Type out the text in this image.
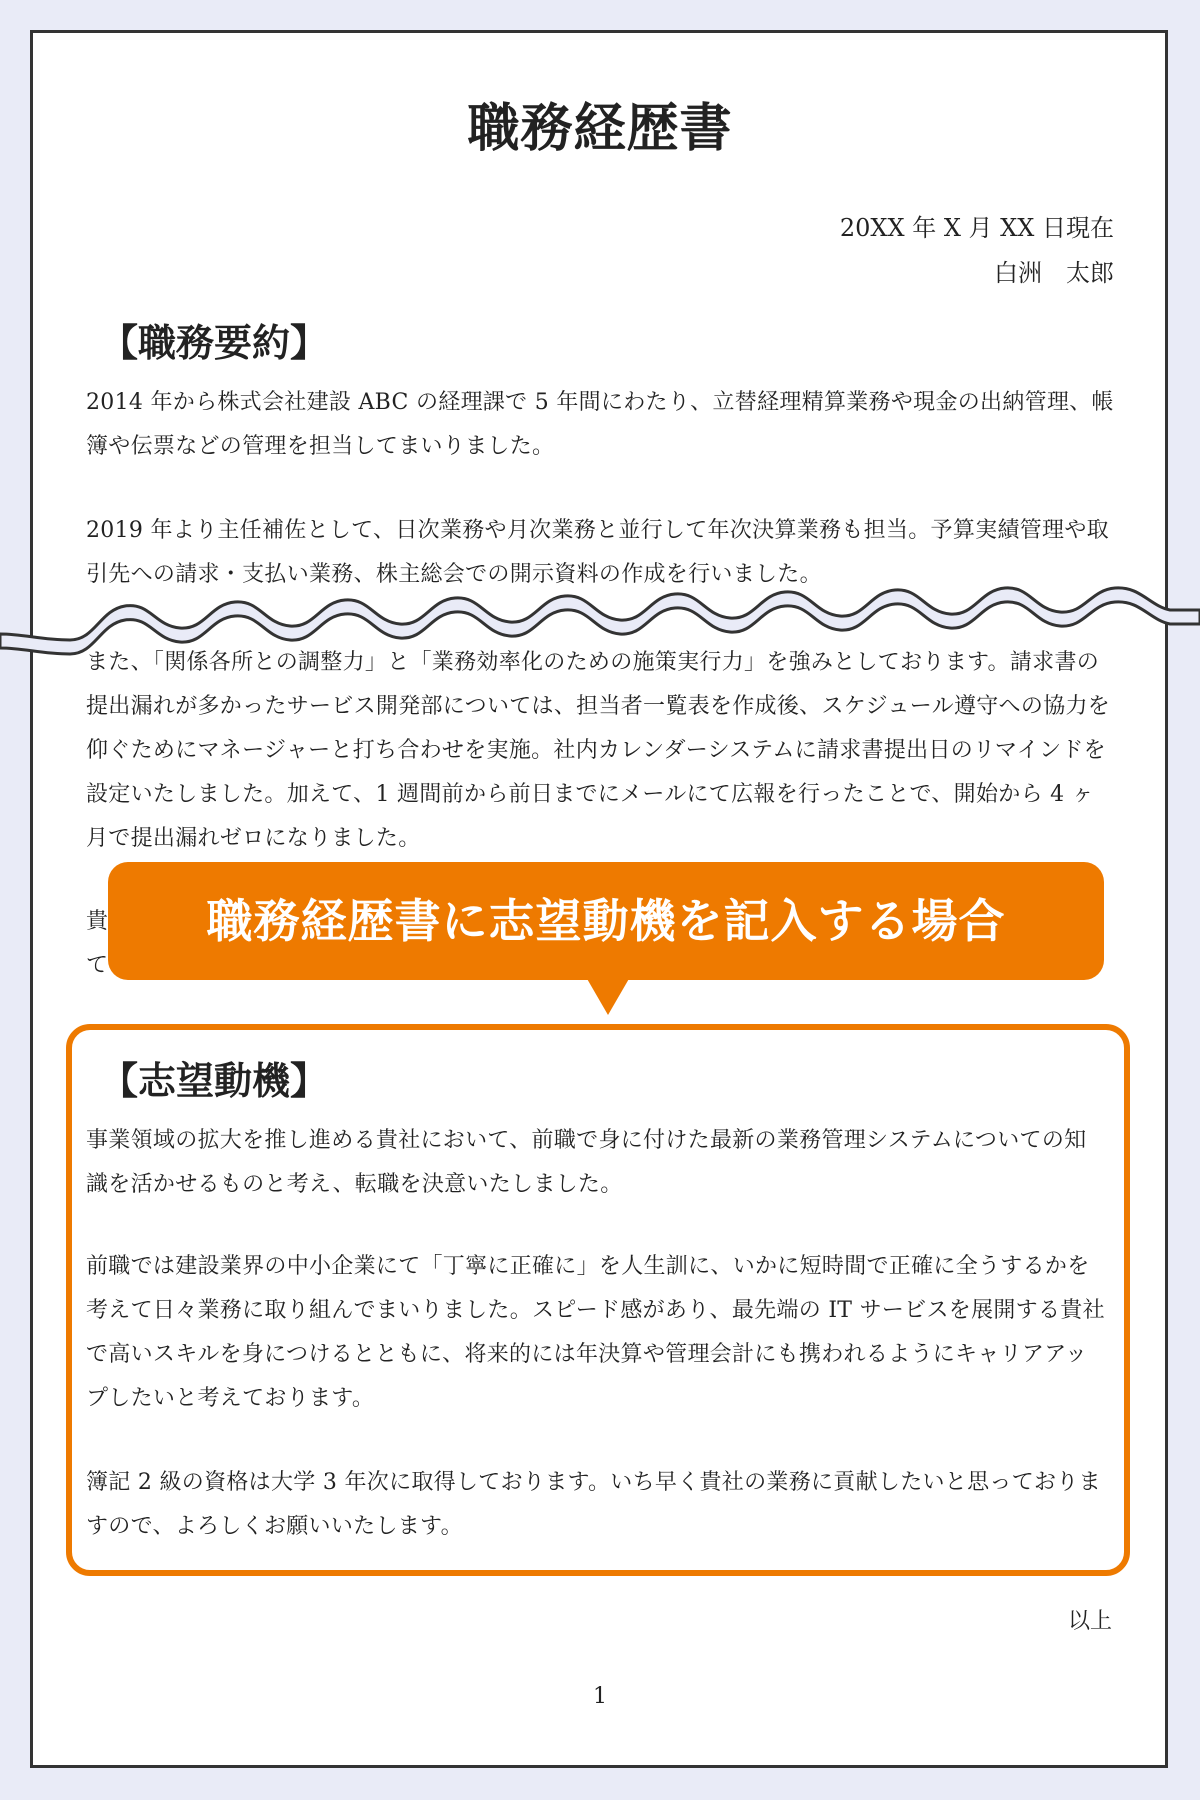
職務経歴書
20XX 年 X 月 XX 日現在
白洲　太郎
【職務要約】

2014 年から株式会社建設 ABC の経理課で 5 年間にわたり、立替経理精算業務や現金の出納管理、帳簿や伝票などの管理を担当してまいりました。

2019 年より主任補佐として、日次業務や月次業務と並行して年次決算業務も担当。予算実績管理や取引先への請求・支払い業務、株主総会での開示資料の作成を行いました。

また、「関係各所との調整力」と「業務効率化のための施策実行力」を強みとしております。請求書の提出漏れが多かったサービス開発部については、担当者一覧表を作成後、スケジュール遵守への協力を仰ぐためにマネージャーと打ち合わせを実施。社内カレンダーシステムに請求書提出日のリマインドを設定いたしました。加えて、1 週間前から前日までにメールにて広報を行ったことで、開始から 4 ヶ月で提出漏れゼロになりました。

貴
て
職務経歴書に志望動機を記入する場合
【志望動機】

事業領域の拡大を推し進める貴社において、前職で身に付けた最新の業務管理システムについての知識を活かせるものと考え、転職を決意いたしました。

前職では建設業界の中小企業にて「丁寧に正確に」を人生訓に、いかに短時間で正確に全うするかを考えて日々業務に取り組んでまいりました。スピード感があり、最先端の IT サービスを展開する貴社で高いスキルを身につけるとともに、将来的には年決算や管理会計にも携われるようにキャリアアップしたいと考えております。

簿記 2 級の資格は大学 3 年次に取得しております。いち早く貴社の業務に貢献したいと思っておりますので、よろしくお願いいたします。

以上
1
